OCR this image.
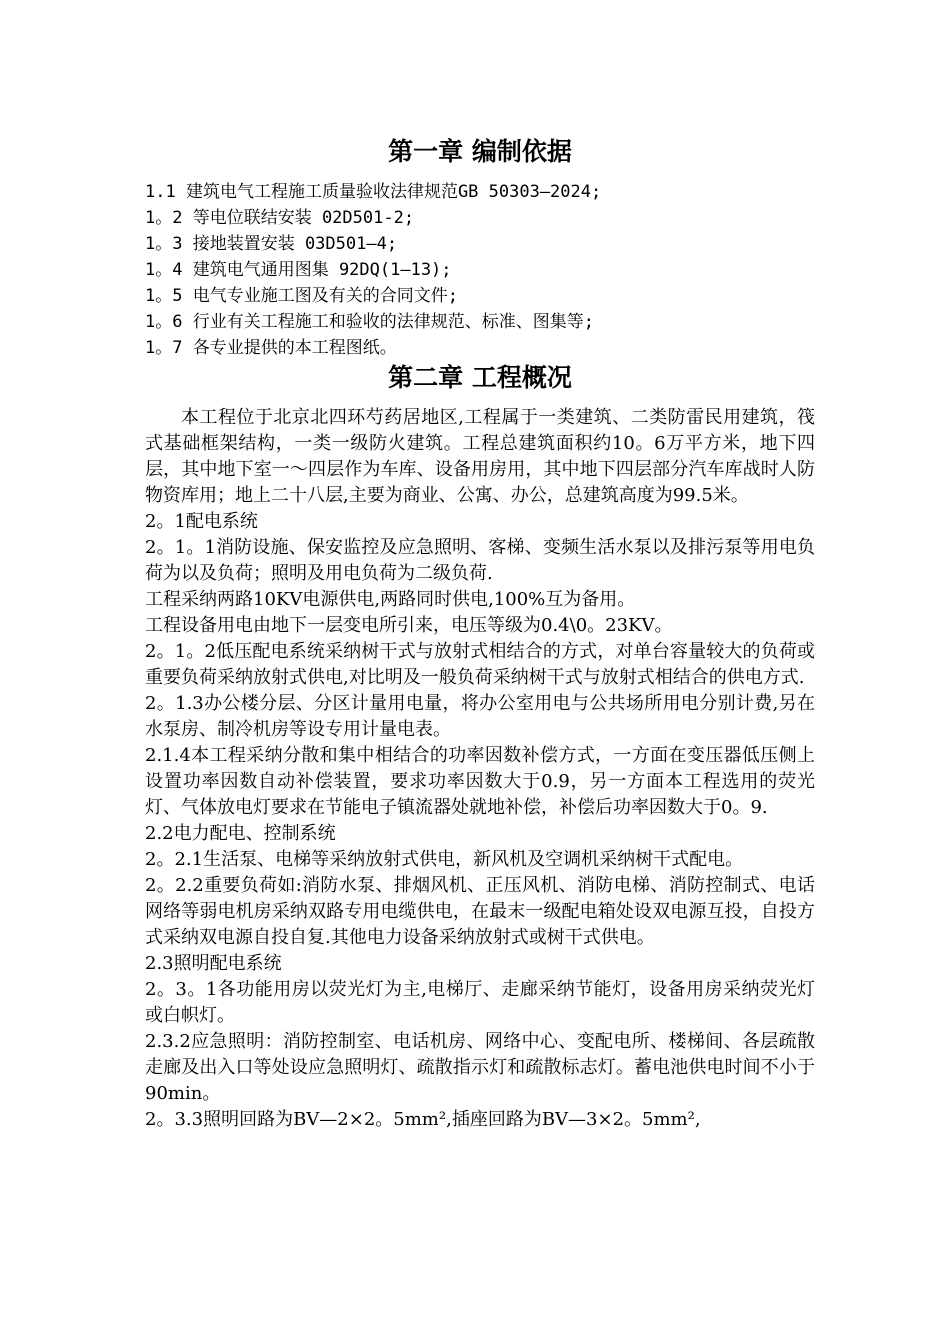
第一章 编制依据

1.1 建筑电气工程施工质量验收法律规范GB 50303—2024;

1。2 等电位联结安装 02D501-2;

1。3 接地装置安装 03D501—4;

1。4 建筑电气通用图集 92DQ(1—13);

1。5 电气专业施工图及有关的合同文件;

1。6 行业有关工程施工和验收的法律规范、标准、图集等;

1。7 各专业提供的本工程图纸。

第二章 工程概况

本工程位于北京北四环芍药居地区,工程属于一类建筑、二类防雷民用建筑，筏式基础框架结构，一类一级防火建筑。工程总建筑面积约10。6万平方米，地下四层，其中地下室一～四层作为车库、设备用房用，其中地下四层部分汽车库战时人防物资库用；地上二十八层,主要为商业、公寓、办公，总建筑高度为99.5米。

2。1配电系统

2。1。1消防设施、保安监控及应急照明、客梯、变频生活水泵以及排污泵等用电负荷为以及负荷；照明及用电负荷为二级负荷.

工程采纳两路10KV电源供电,两路同时供电,100%互为备用。

工程设备用电由地下一层变电所引来，电压等级为0.4\0。23KV。

2。1。2低压配电系统采纳树干式与放射式相结合的方式，对单台容量较大的负荷或重要负荷采纳放射式供电,对比明及一般负荷采纳树干式与放射式相结合的供电方式.

2。1.3办公楼分层、分区计量用电量，将办公室用电与公共场所用电分别计费,另在水泵房、制冷机房等设专用计量电表。

2.1.4本工程采纳分散和集中相结合的功率因数补偿方式，一方面在变压器低压侧上设置功率因数自动补偿装置，要求功率因数大于0.9，另一方面本工程选用的荧光灯、气体放电灯要求在节能电子镇流器处就地补偿，补偿后功率因数大于0。9.

2.2电力配电、控制系统

2。2.1生活泵、电梯等采纳放射式供电，新风机及空调机采纳树干式配电。

2。2.2重要负荷如:消防水泵、排烟风机、正压风机、消防电梯、消防控制式、电话网络等弱电机房采纳双路专用电缆供电，在最末一级配电箱处设双电源互投，自投方式采纳双电源自投自复.其他电力设备采纳放射式或树干式供电。

2.3照明配电系统

2。3。1各功能用房以荧光灯为主,电梯厅、走廊采纳节能灯，设备用房采纳荧光灯或白帜灯。

2.3.2应急照明：消防控制室、电话机房、网络中心、变配电所、楼梯间、各层疏散走廊及出入口等处设应急照明灯、疏散指示灯和疏散标志灯。蓄电池供电时间不小于90min。

2。3.3照明回路为BV—2×2。5mm²,插座回路为BV—3×2。5mm²,
